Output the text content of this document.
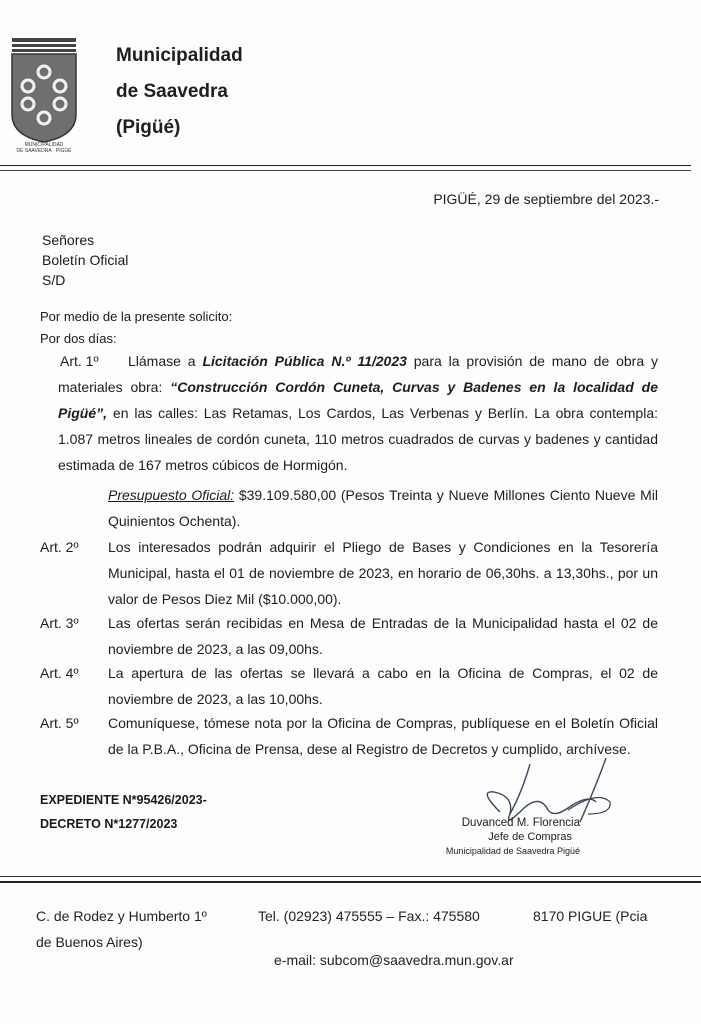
MUNICIPALIDAD
DE SAAVEDRA · PIGÜÉ
Municipalidad
de Saavedra
(Pigüé)
PIGÜÉ, 29 de septiembre del 2023.-
Señores
Boletín Oficial
S/D
Por medio de la presente solicito:
Por dos días:
Art. 1º	Llámase a Licitación Pública N.º 11/2023 para la provisión de mano de obra y materiales obra: “Construcción Cordón Cuneta, Curvas y Badenes en la localidad de Pigüé”, en las calles: Las Retamas, Los Cardos, Las Verbenas y Berlín. La obra contempla: 1.087 metros lineales de cordón cuneta, 110 metros cuadrados de curvas y badenes y cantidad estimada de 167 metros cúbicos de Hormigón.
Presupuesto Oficial: $39.109.580,00 (Pesos Treinta y Nueve Millones Ciento Nueve Mil Quinientos Ochenta).
Art. 2º Los interesados podrán adquirir el Pliego de Bases y Condiciones en la Tesorería Municipal, hasta el 01 de noviembre de 2023, en horario de 06,30hs. a 13,30hs., por un valor de Pesos Diez Mil ($10.000,00).
Art. 3º Las ofertas serán recibidas en Mesa de Entradas de la Municipalidad hasta el 02 de noviembre de 2023, a las 09,00hs.
Art. 4º La apertura de las ofertas se llevará a cabo en la Oficina de Compras, el 02 de noviembre de 2023, a las 10,00hs.
Art. 5º Comuníquese, tómese nota por la Oficina de Compras, publíquese en el Boletín Oficial de la P.B.A., Oficina de Prensa, dese al Registro de Decretos y cumplido, archívese.
EXPEDIENTE N*95426/2023-
DECRETO N*1277/2023	Duvanced M. Florencia
Jefe de Compras
Municipalidad de Saavedra Pigüé
C. de Rodez y Humberto 1º
de Buenos Aires)
Tel. (02923) 475555 – Fax.: 475580	8170 PIGUE (Pcia
e-mail: subcom@saavedra.mun.gov.ar
